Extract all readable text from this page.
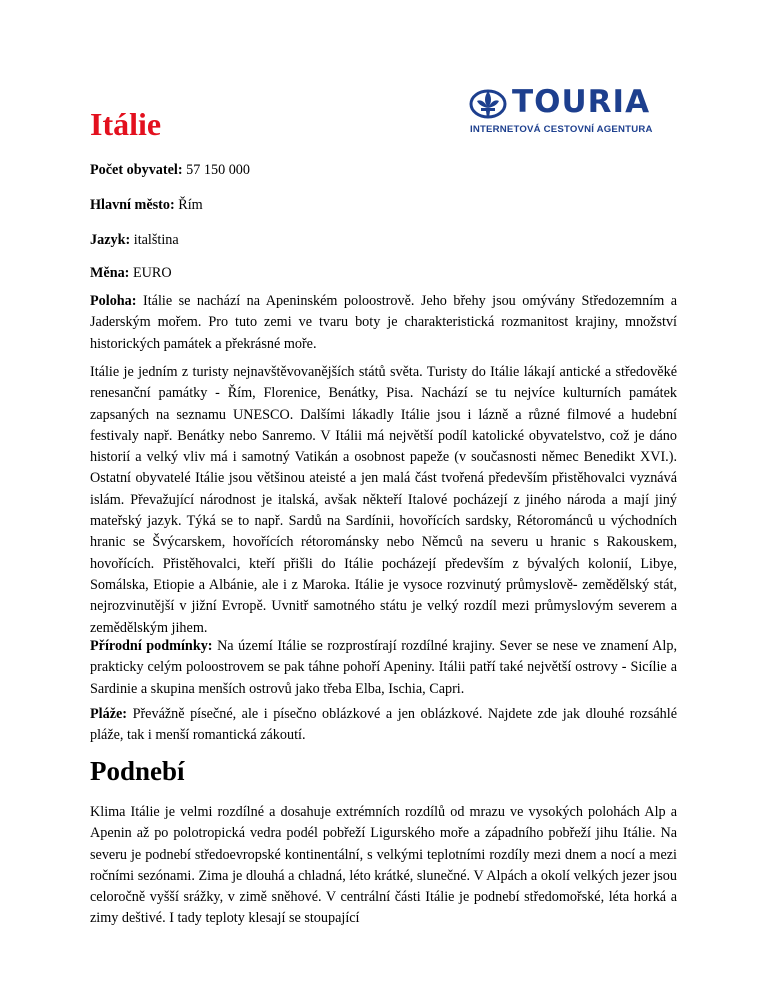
TOURIA
INTERNETOVÁ CESTOVNÍ AGENTURA
Itálie

Počet obyvatel: 57 150 000

Hlavní město: Řím

Jazyk: italština

Měna: EURO

Poloha: Itálie se nachází na Apeninském poloostrově. Jeho břehy jsou omývány Středozemním a Jaderským mořem. Pro tuto zemi ve tvaru boty je charakteristická rozmanitost krajiny, množství historických památek a překrásné moře.

Itálie je jedním z turisty nejnavštěvovanějších států světa. Turisty do Itálie lákají antické a středověké renesanční památky - Řím, Florenice, Benátky, Pisa. Nachází se tu nejvíce kulturních památek zapsaných na seznamu UNESCO. Dalšími lákadly Itálie jsou i lázně a různé filmové a hudební festivaly např. Benátky nebo Sanremo. V Itálii má největší podíl katolické obyvatelstvo, což je dáno historií a velký vliv má i samotný Vatikán a osobnost papeže (v současnosti němec Benedikt XVI.). Ostatní obyvatelé Itálie jsou většinou ateisté a jen malá část tvořená především přistěhovalci vyznává islám. Převažující národnost je italská, avšak někteří Italové pocházejí z jiného národa a mají jiný mateřský jazyk. Týká se to např. Sardů na Sardínii, hovořících sardsky, Rétorománců u východních hranic se Švýcarskem, hovořících rétorománsky nebo Němců na severu u hranic s Rakouskem, hovořících. Přistěhovalci, kteří přišli do Itálie pocházejí především z bývalých kolonií, Libye, Somálska, Etiopie a Albánie, ale i z Maroka. Itálie je vysoce rozvinutý průmyslově- zemědělský stát, nejrozvinutější v jižní Evropě. Uvnitř samotného státu je velký rozdíl mezi průmyslovým severem a zemědělským jihem.

Přírodní podmínky: Na území Itálie se rozprostírají rozdílné krajiny. Sever se nese ve znamení Alp, prakticky celým poloostrovem se pak táhne pohoří Apeniny. Itálii patří také největší ostrovy - Sicílie a Sardinie a skupina menších ostrovů jako třeba Elba, Ischia, Capri.

Pláže: Převážně písečné, ale i písečno oblázkové a jen oblázkové. Najdete zde jak dlouhé rozsáhlé pláže, tak i menší romantická zákoutí.

Podnebí

Klima Itálie je velmi rozdílné a dosahuje extrémních rozdílů od mrazu ve vysokých polohách Alp a Apenin až po polotropická vedra podél pobřeží Ligurského moře a západního pobřeží jihu Itálie. Na severu je podnebí středoevropské kontinentální, s velkými teplotními rozdíly mezi dnem a nocí a mezi ročními sezónami. Zima je dlouhá a chladná, léto krátké, slunečné. V Alpách a okolí velkých jezer jsou celoročně vyšší srážky, v zimě sněhové. V centrální části Itálie je podnebí středomořské, léta horká a zimy deštivé. I tady teploty klesají se stoupající
